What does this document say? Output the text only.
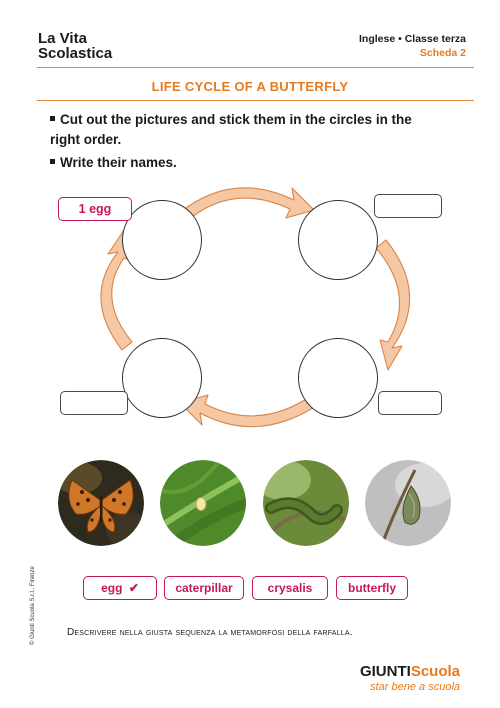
La Vita
Scolastica
Inglese • Classe terza
Scheda 2
LIFE CYCLE OF A BUTTERFLY
Cut out the pictures and stick them in the circles in the
right order.
Write their names.
1 egg
egg ✔	caterpillar	crysalis	butterfly
Descrivere nella giusta sequenza la metamorfosi della farfalla.
© Giunti Scuola S.r.l., Firenze
GIUNTIScuola
star bene a scuola
